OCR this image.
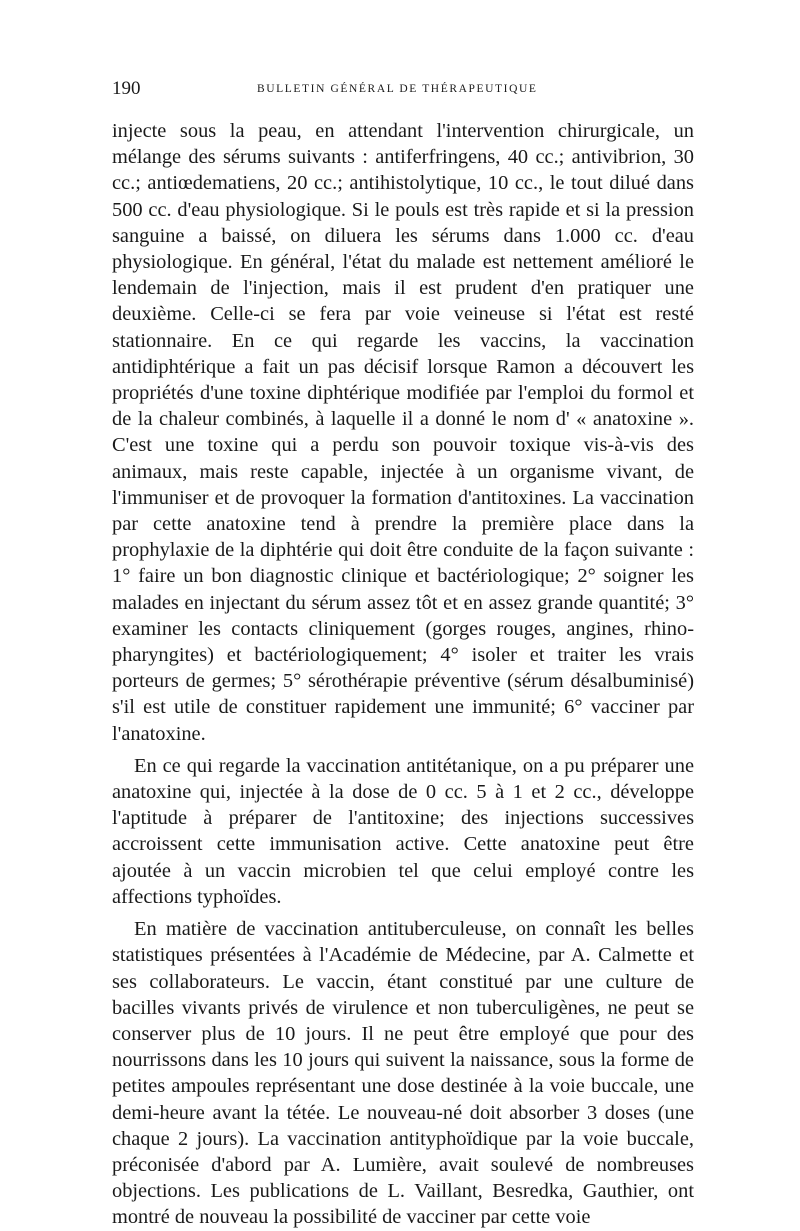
190	BULLETIN GÉNÉRAL DE THÉRAPEUTIQUE

injecte sous la peau, en attendant l'intervention chirurgicale, un mélange des sérums suivants : antiferfringens, 40 cc.; antivibrion, 30 cc.; antiœdematiens, 20 cc.; antihistolytique, 10 cc., le tout dilué dans 500 cc. d'eau physiologique. Si le pouls est très rapide et si la pression sanguine a baissé, on diluera les sérums dans 1.000 cc. d'eau physiologique. En général, l'état du malade est nettement amélioré le lendemain de l'injection, mais il est prudent d'en pratiquer une deuxième. Celle-ci se fera par voie veineuse si l'état est resté stationnaire. En ce qui regarde les vaccins, la vaccination antidiphtérique a fait un pas décisif lorsque Ramon a découvert les propriétés d'une toxine diphtérique modifiée par l'emploi du formol et de la chaleur combinés, à laquelle il a donné le nom d' « anatoxine ». C'est une toxine qui a perdu son pouvoir toxique vis-à-vis des animaux, mais reste capable, injectée à un organisme vivant, de l'immuniser et de provoquer la formation d'antitoxines. La vaccination par cette anatoxine tend à prendre la première place dans la prophylaxie de la diphtérie qui doit être conduite de la façon suivante : 1° faire un bon diagnostic clinique et bactériologique; 2° soigner les malades en injectant du sérum assez tôt et en assez grande quantité; 3° examiner les contacts cliniquement (gorges rouges, angines, rhino-pharyngites) et bactériologiquement; 4° isoler et traiter les vrais porteurs de germes; 5° sérothérapie préventive (sérum désalbuminisé) s'il est utile de constituer rapidement une immunité; 6° vacciner par l'anatoxine.

En ce qui regarde la vaccination antitétanique, on a pu préparer une anatoxine qui, injectée à la dose de 0 cc. 5 à 1 et 2 cc., développe l'aptitude à préparer de l'antitoxine; des injections successives accroissent cette immunisation active. Cette anatoxine peut être ajoutée à un vaccin microbien tel que celui employé contre les affections typhoïdes.

En matière de vaccination antituberculeuse, on connaît les belles statistiques présentées à l'Académie de Médecine, par A. Calmette et ses collaborateurs. Le vaccin, étant constitué par une culture de bacilles vivants privés de virulence et non tuberculigènes, ne peut se conserver plus de 10 jours. Il ne peut être employé que pour des nourrissons dans les 10 jours qui suivent la naissance, sous la forme de petites ampoules représentant une dose destinée à la voie buccale, une demi-heure avant la tétée. Le nouveau-né doit absorber 3 doses (une chaque 2 jours). La vaccination antityphoïdique par la voie buccale, préconisée d'abord par A. Lumière, avait soulevé de nombreuses objections. Les publications de L. Vaillant, Besredka, Gauthier, ont montré de nouveau la possibilité de vacciner par cette voie
